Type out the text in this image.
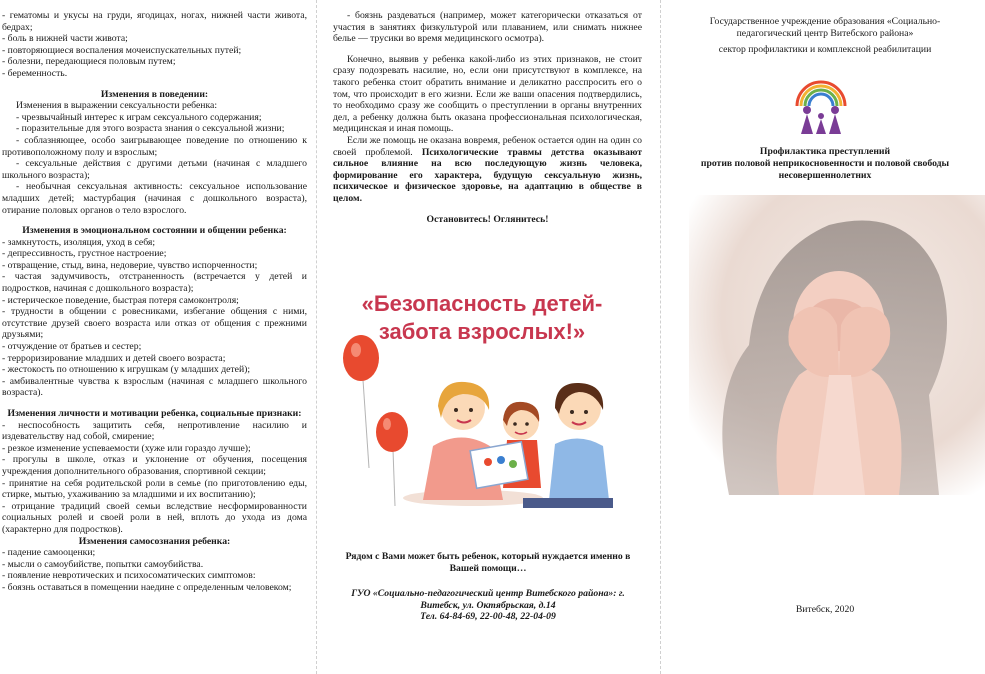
- гематомы и укусы на груди, ягодицах, ногах, нижней части живота, бедрах;

- боль в нижней части живота;

- повторяющиеся воспаления мочеиспускательных путей;

- болезни, передающиеся половым путем;

- беременность.

Изменения в поведении:

Изменения в выражении сексуальности ребенка:

- чрезвычайный интерес к играм сексуального содержания;

- поразительные для этого возраста знания о сексуальной жизни;

- соблазняющее, особо заигрывающее поведение по отношению к противоположному полу и взрослым;

- сексуальные действия с другими детьми (начиная с младшего школьного возраста);

- необычная сексуальная активность: сексуальное использование младших детей; мастурбация (начиная с дошкольного возраста), отирание половых органов о тело взрослого.

Изменения в эмоциональном состоянии и общении ребенка:

- замкнутость, изоляция, уход в себя;

- депрессивность, грустное настроение;

- отвращение, стыд, вина, недоверие, чувство испорченности;

- частая задумчивость, отстраненность (встречается у детей и подростков, начиная с дошкольного возраста);

- истерическое поведение, быстрая потеря самоконтроля;

- трудности в общении с ровесниками, избегание общения с ними, отсутствие друзей своего возраста или отказ от общения с прежними друзьями;

- отчуждение от братьев и сестер;

- терроризирование младших и детей своего возраста;

- жестокость по отношению к игрушкам (у младших детей);

- амбивалентные чувства к взрослым (начиная с младшего школьного возраста).

Изменения личности и мотивации ребенка, социальные признаки:

- неспособность защитить себя, непротивление насилию и издевательству над собой, смирение;

- резкое изменение успеваемости (хуже или гораздо лучше);

- прогулы в школе, отказ и уклонение от обучения, посещения учреждения дополнительного образования, спортивной секции;

- принятие на себя родительской роли в семье (по приготовлению еды, стирке, мытью, ухаживанию за младшими и их воспитанию);

- отрицание традиций своей семьи вследствие несформированности социальных ролей и своей роли в ней, вплоть до ухода из дома (характерно для подростков).

Изменения самосознания ребенка:

- падение самооценки;

- мысли о самоубийстве, попытки самоубийства.

- появление невротических и психосоматических симптомов:

- боязнь оставаться в помещении наедине с определенным человеком;

- боязнь раздеваться (например, может категорически отказаться от участия в занятиях физкультурой или плаванием, или снимать нижнее белье — трусики во время медицинского осмотра).

Конечно, выявив у ребенка какой-либо из этих признаков, не стоит сразу подозревать насилие, но, если они присутствуют в комплексе, на такого ребенка стоит обратить внимание и деликатно расспросить его о том, что происходит в его жизни. Если же ваши опасения подтвердились, то необходимо сразу же сообщить о преступлении в органы внутренних дел, а ребенку должна быть оказана профессиональная психологическая, медицинская и иная помощь.

Если же помощь не оказана вовремя, ребенок остается один на один со своей проблемой. Психологические травмы детства оказывают сильное влияние на всю последующую жизнь человека, формирование его характера, будущую сексуальную жизнь, психическое и физическое здоровье, на адаптацию в обществе в целом.

Остановитесь! Оглянитесь!

«Безопасность детей-забота взрослых!»

Рядом с Вами может быть ребенок, который нуждается именно в Вашей помощи…

ГУО «Социально-педагогический центр Витебского района»: г. Витебск, ул. Октябрьская, д.14

Тел. 64-84-69, 22-00-48, 22-04-09

Государственное учреждение образования «Социально-педагогический центр Витебского района»
сектор профилактики и комплексной реабилитации
Профилактика преступлений
против половой неприкосновенности и половой свободы несовершеннолетних
Витебск, 2020
